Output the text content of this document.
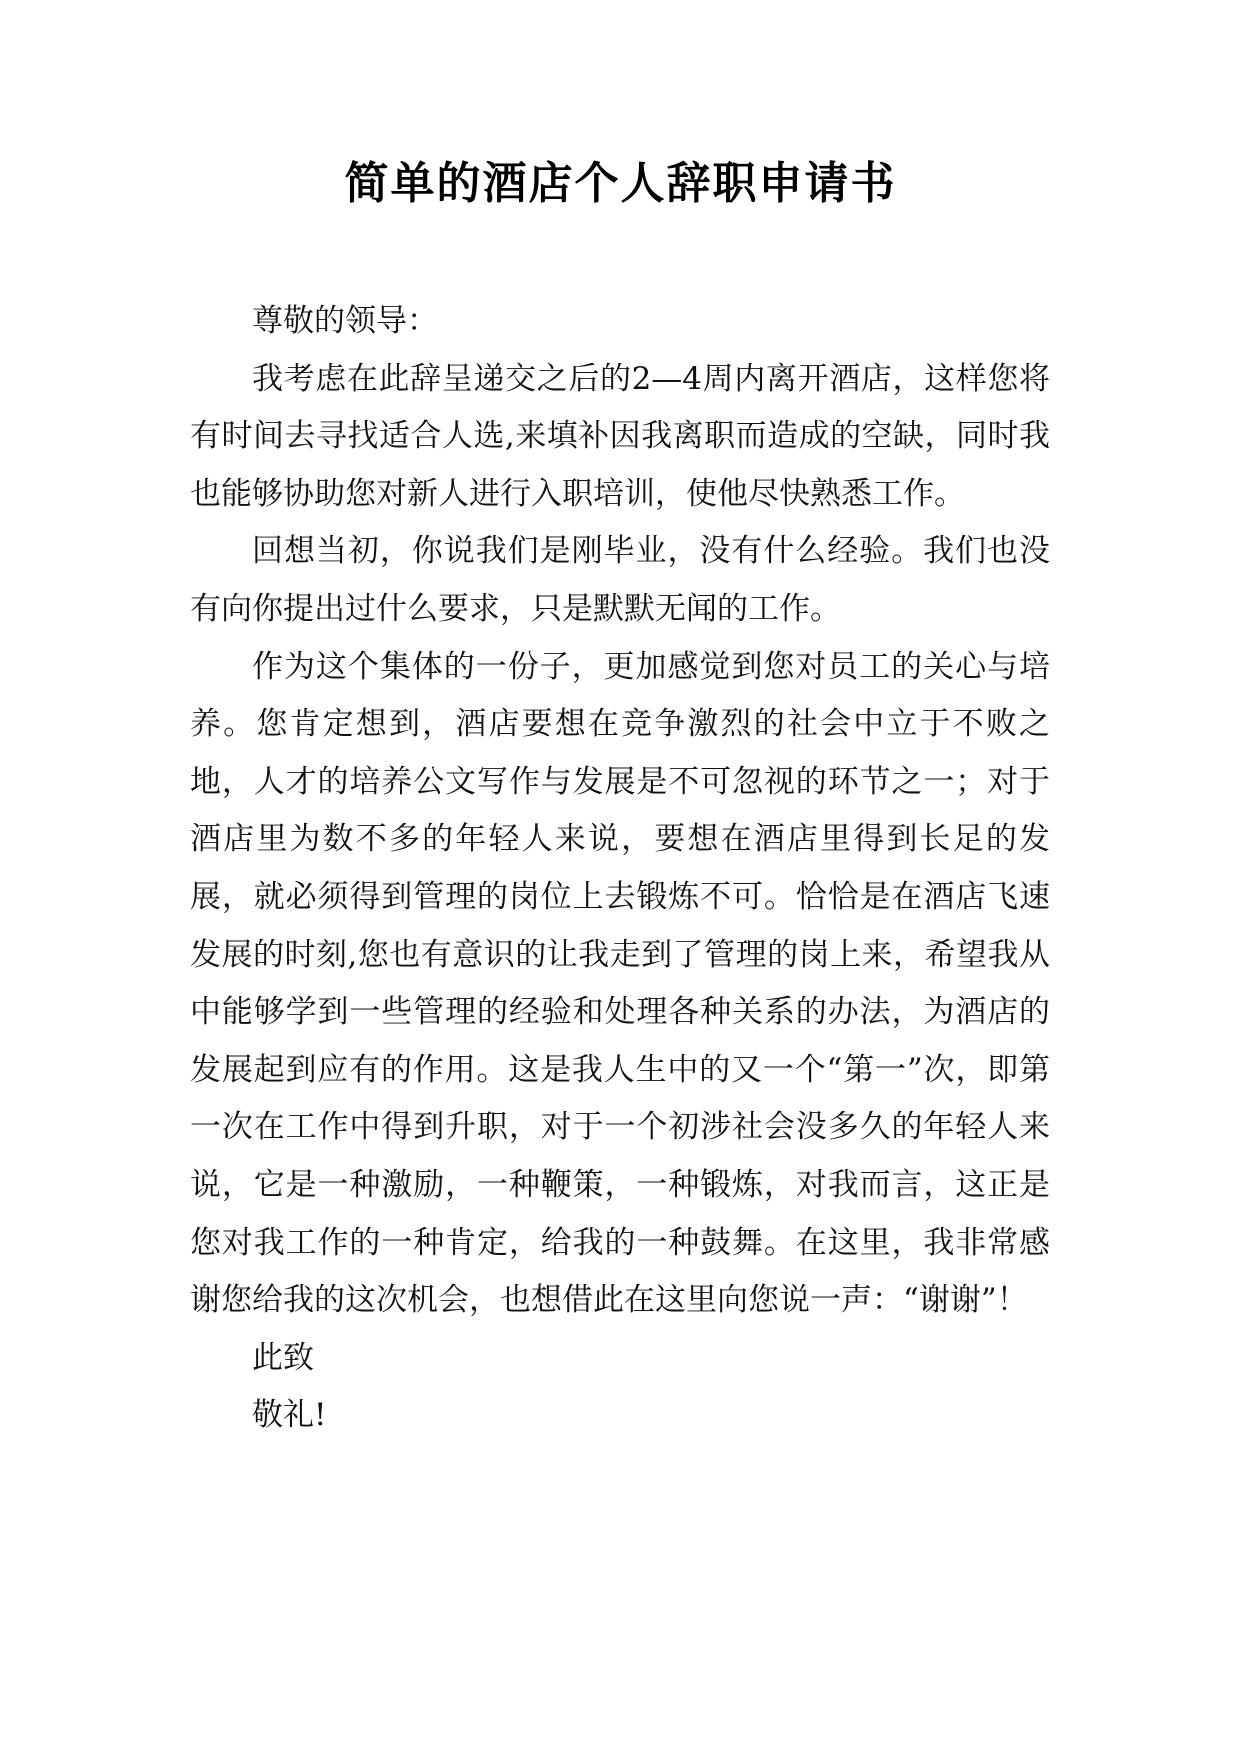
简单的酒店个人辞职申请书

尊敬的领导：

我考虑在此辞呈递交之后的2—4周内离开酒店，这样您将有时间去寻找适合人选,来填补因我离职而造成的空缺，同时我也能够协助您对新人进行入职培训，使他尽快熟悉工作。

回想当初，你说我们是刚毕业，没有什么经验。我们也没有向你提出过什么要求，只是默默无闻的工作。

作为这个集体的一份子，更加感觉到您对员工的关心与培养。您肯定想到，酒店要想在竞争激烈的社会中立于不败之地，人才的培养公文写作与发展是不可忽视的环节之一；对于酒店里为数不多的年轻人来说，要想在酒店里得到长足的发展，就必须得到管理的岗位上去锻炼不可。恰恰是在酒店飞速发展的时刻,您也有意识的让我走到了管理的岗上来，希望我从中能够学到一些管理的经验和处理各种关系的办法，为酒店的发展起到应有的作用。这是我人生中的又一个“第一”次，即第一次在工作中得到升职，对于一个初涉社会没多久的年轻人来说，它是一种激励，一种鞭策，一种锻炼，对我而言，这正是您对我工作的一种肯定，给我的一种鼓舞。在这里，我非常感谢您给我的这次机会，也想借此在这里向您说一声：“谢谢”！

此致

敬礼!
